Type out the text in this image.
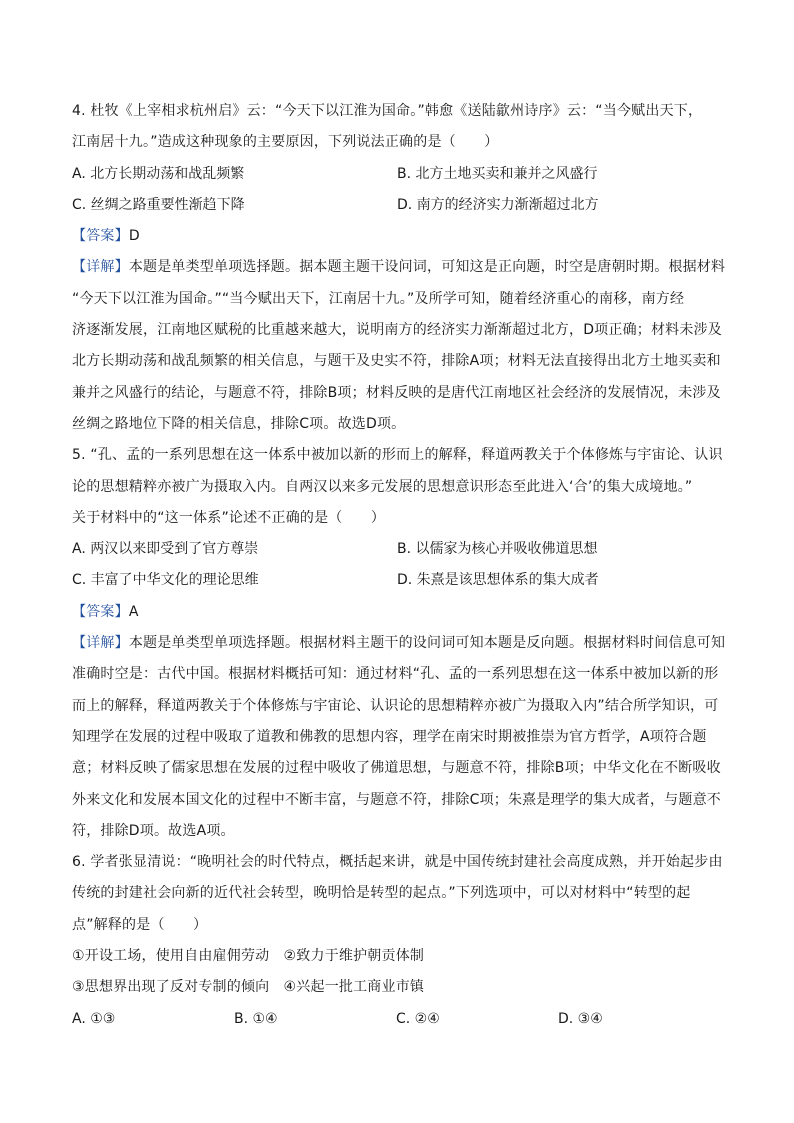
4. 杜牧《上宰相求杭州启》云：“今天下以江淮为国命。”韩愈《送陆歙州诗序》云：“当今赋出天下，
江南居十九。”造成这种现象的主要原因，下列说法正确的是（　　）
A. 北方长期动荡和战乱频繁	B. 北方土地买卖和兼并之风盛行
C. 丝绸之路重要性渐趋下降	D. 南方的经济实力渐渐超过北方
【答案】D
【详解】本题是单类型单项选择题。据本题主题干设问词，可知这是正向题，时空是唐朝时期。根据材料
“今天下以江淮为国命。”“当今赋出天下，江南居十九。”及所学可知，随着经济重心的南移，南方经
济逐渐发展，江南地区赋税的比重越来越大，说明南方的经济实力渐渐超过北方，D项正确；材料未涉及
北方长期动荡和战乱频繁的相关信息，与题干及史实不符，排除A项；材料无法直接得出北方土地买卖和
兼并之风盛行的结论，与题意不符，排除B项；材料反映的是唐代江南地区社会经济的发展情况，未涉及
丝绸之路地位下降的相关信息，排除C项。故选D项。
5. “孔、孟的一系列思想在这一体系中被加以新的形而上的解释，释道两教关于个体修炼与宇宙论、认识
论的思想精粹亦被广为摄取入内。自两汉以来多元发展的思想意识形态至此进入‘合’的集大成境地。”
关于材料中的“这一体系”论述不正确的是（　　）
A. 两汉以来即受到了官方尊崇	B. 以儒家为核心并吸收佛道思想
C. 丰富了中华文化的理论思维	D. 朱熹是该思想体系的集大成者
【答案】A
【详解】本题是单类型单项选择题。根据材料主题干的设问词可知本题是反向题。根据材料时间信息可知
准确时空是：古代中国。根据材料概括可知：通过材料“孔、孟的一系列思想在这一体系中被加以新的形
而上的解释，释道两教关于个体修炼与宇宙论、认识论的思想精粹亦被广为摄取入内”结合所学知识，可
知理学在发展的过程中吸取了道教和佛教的思想内容，理学在南宋时期被推崇为官方哲学，A项符合题
意；材料反映了儒家思想在发展的过程中吸收了佛道思想，与题意不符，排除B项；中华文化在不断吸收
外来文化和发展本国文化的过程中不断丰富，与题意不符，排除C项；朱熹是理学的集大成者，与题意不
符，排除D项。故选A项。
6. 学者张显清说：“晚明社会的时代特点，概括起来讲，就是中国传统封建社会高度成熟，并开始起步由
传统的封建社会向新的近代社会转型，晚明恰是转型的起点。”下列选项中，可以对材料中“转型的起
点”解释的是（　　）
①开设工场，使用自由雇佣劳动　②致力于维护朝贡体制
③思想界出现了反对专制的倾向　④兴起一批工商业市镇
A. ①③	B. ①④	C. ②④	D. ③④
